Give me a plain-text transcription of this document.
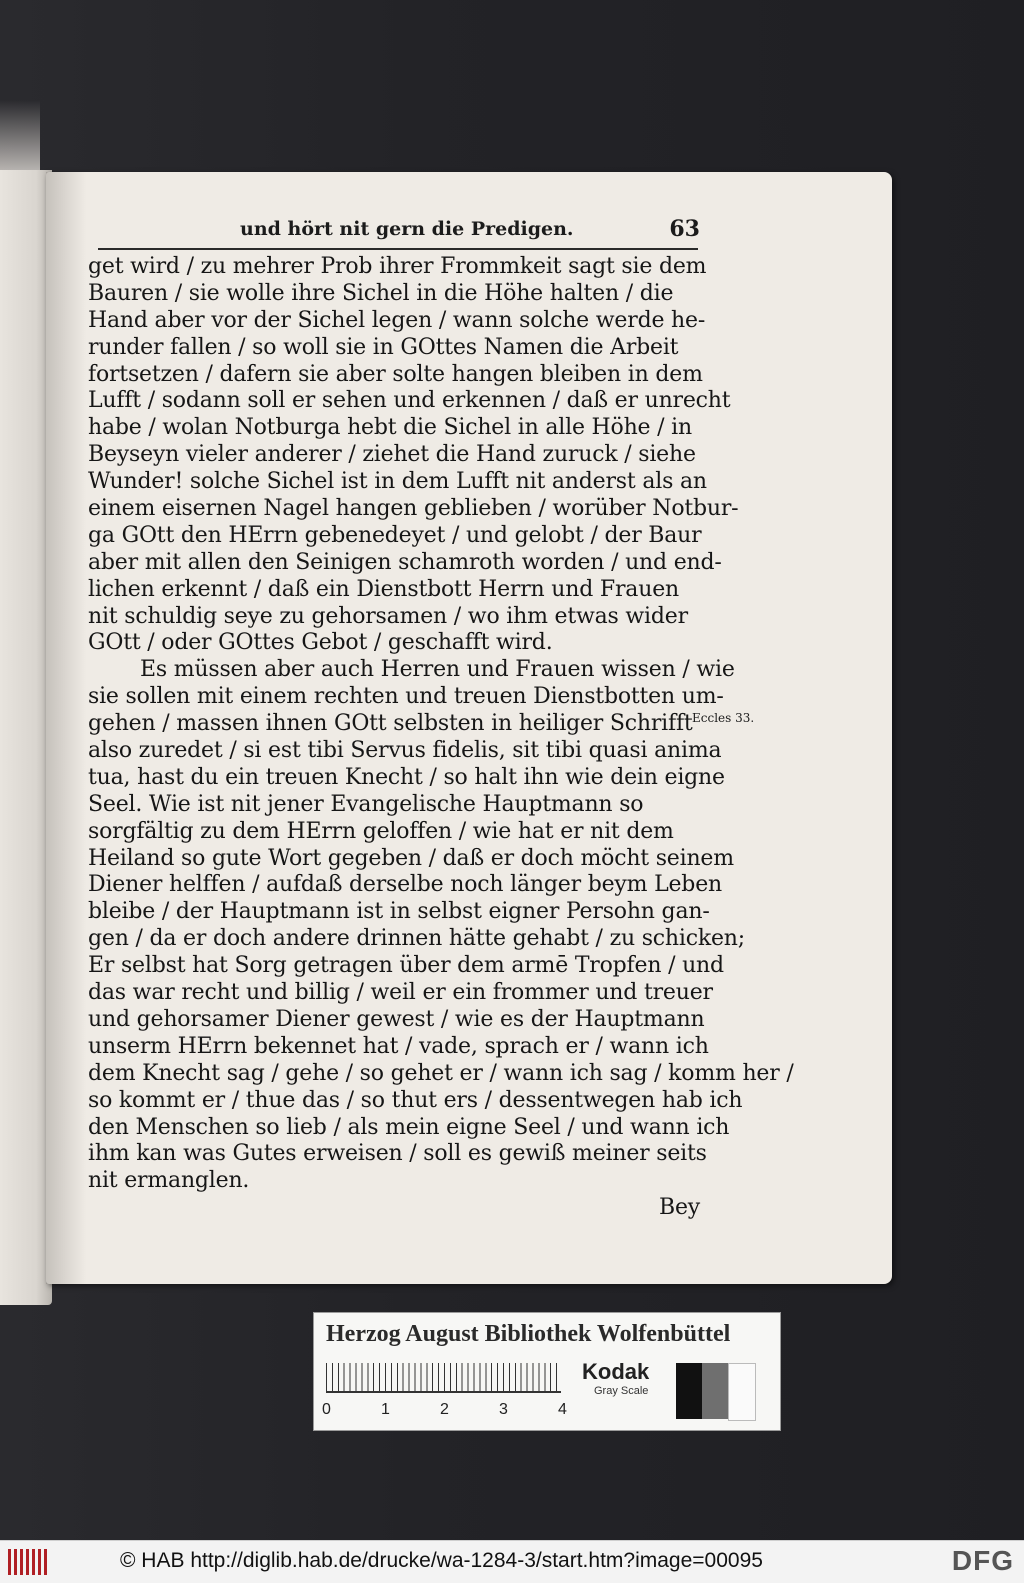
und hört nit gern die Predigen.	63
get wird / zu mehrer Prob ihrer Frommkeit sagt sie dem
Bauren / sie wolle ihre Sichel in die Höhe halten / die
Hand aber vor der Sichel legen / wann solche werde he-
runder fallen / so woll sie in GOttes Namen die Arbeit
fortsetzen / dafern sie aber solte hangen bleiben in dem
Lufft / sodann soll er sehen und erkennen / daß er unrecht
habe / wolan Notburga hebt die Sichel in alle Höhe / in
Beyseyn vieler anderer / ziehet die Hand zuruck / siehe
Wunder! solche Sichel ist in dem Lufft nit anderst als an
einem eisernen Nagel hangen geblieben / worüber Notbur-
ga GOtt den HErrn gebenedeyet / und gelobt / der Baur
aber mit allen den Seinigen schamroth worden / und end-
lichen erkennt / daß ein Dienstbott Herrn und Frauen
nit schuldig seye zu gehorsamen / wo ihm etwas wider
GOtt / oder GOttes Gebot / geschafft wird.
Es müssen aber auch Herren und Frauen wissen / wie
sie sollen mit einem rechten und treuen Dienstbotten um-
gehen / massen ihnen GOtt selbsten in heiliger Schrifft
also zuredet / si est tibi Servus fidelis, sit tibi quasi anima
tua, hast du ein treuen Knecht / so halt ihn wie dein eigne
Seel. Wie ist nit jener Evangelische Hauptmann so
sorgfältig zu dem HErrn geloffen / wie hat er nit dem
Heiland so gute Wort gegeben / daß er doch möcht seinem
Diener helffen / aufdaß derselbe noch länger beym Leben
bleibe / der Hauptmann ist in selbst eigner Persohn gan-
gen / da er doch andere drinnen hätte gehabt / zu schicken;
Er selbst hat Sorg getragen über dem armē Tropfen / und
das war recht und billig / weil er ein frommer und treuer
und gehorsamer Diener gewest / wie es der Hauptmann
unserm HErrn bekennet hat / vade, sprach er / wann ich
dem Knecht sag / gehe / so gehet er / wann ich sag / komm her /
so kommt er / thue das / so thut ers / dessentwegen hab ich
den Menschen so lieb / als mein eigne Seel / und wann ich
ihm kan was Gutes erweisen / soll es gewiß meiner seits
nit ermanglen.
Bey
Eccles 33.
Herzog August Bibliothek Wolfenbüttel
0	1	2	3	4
Kodak
Gray Scale
© HAB http://diglib.hab.de/drucke/wa-1284-3/start.htm?image=00095	DFG
